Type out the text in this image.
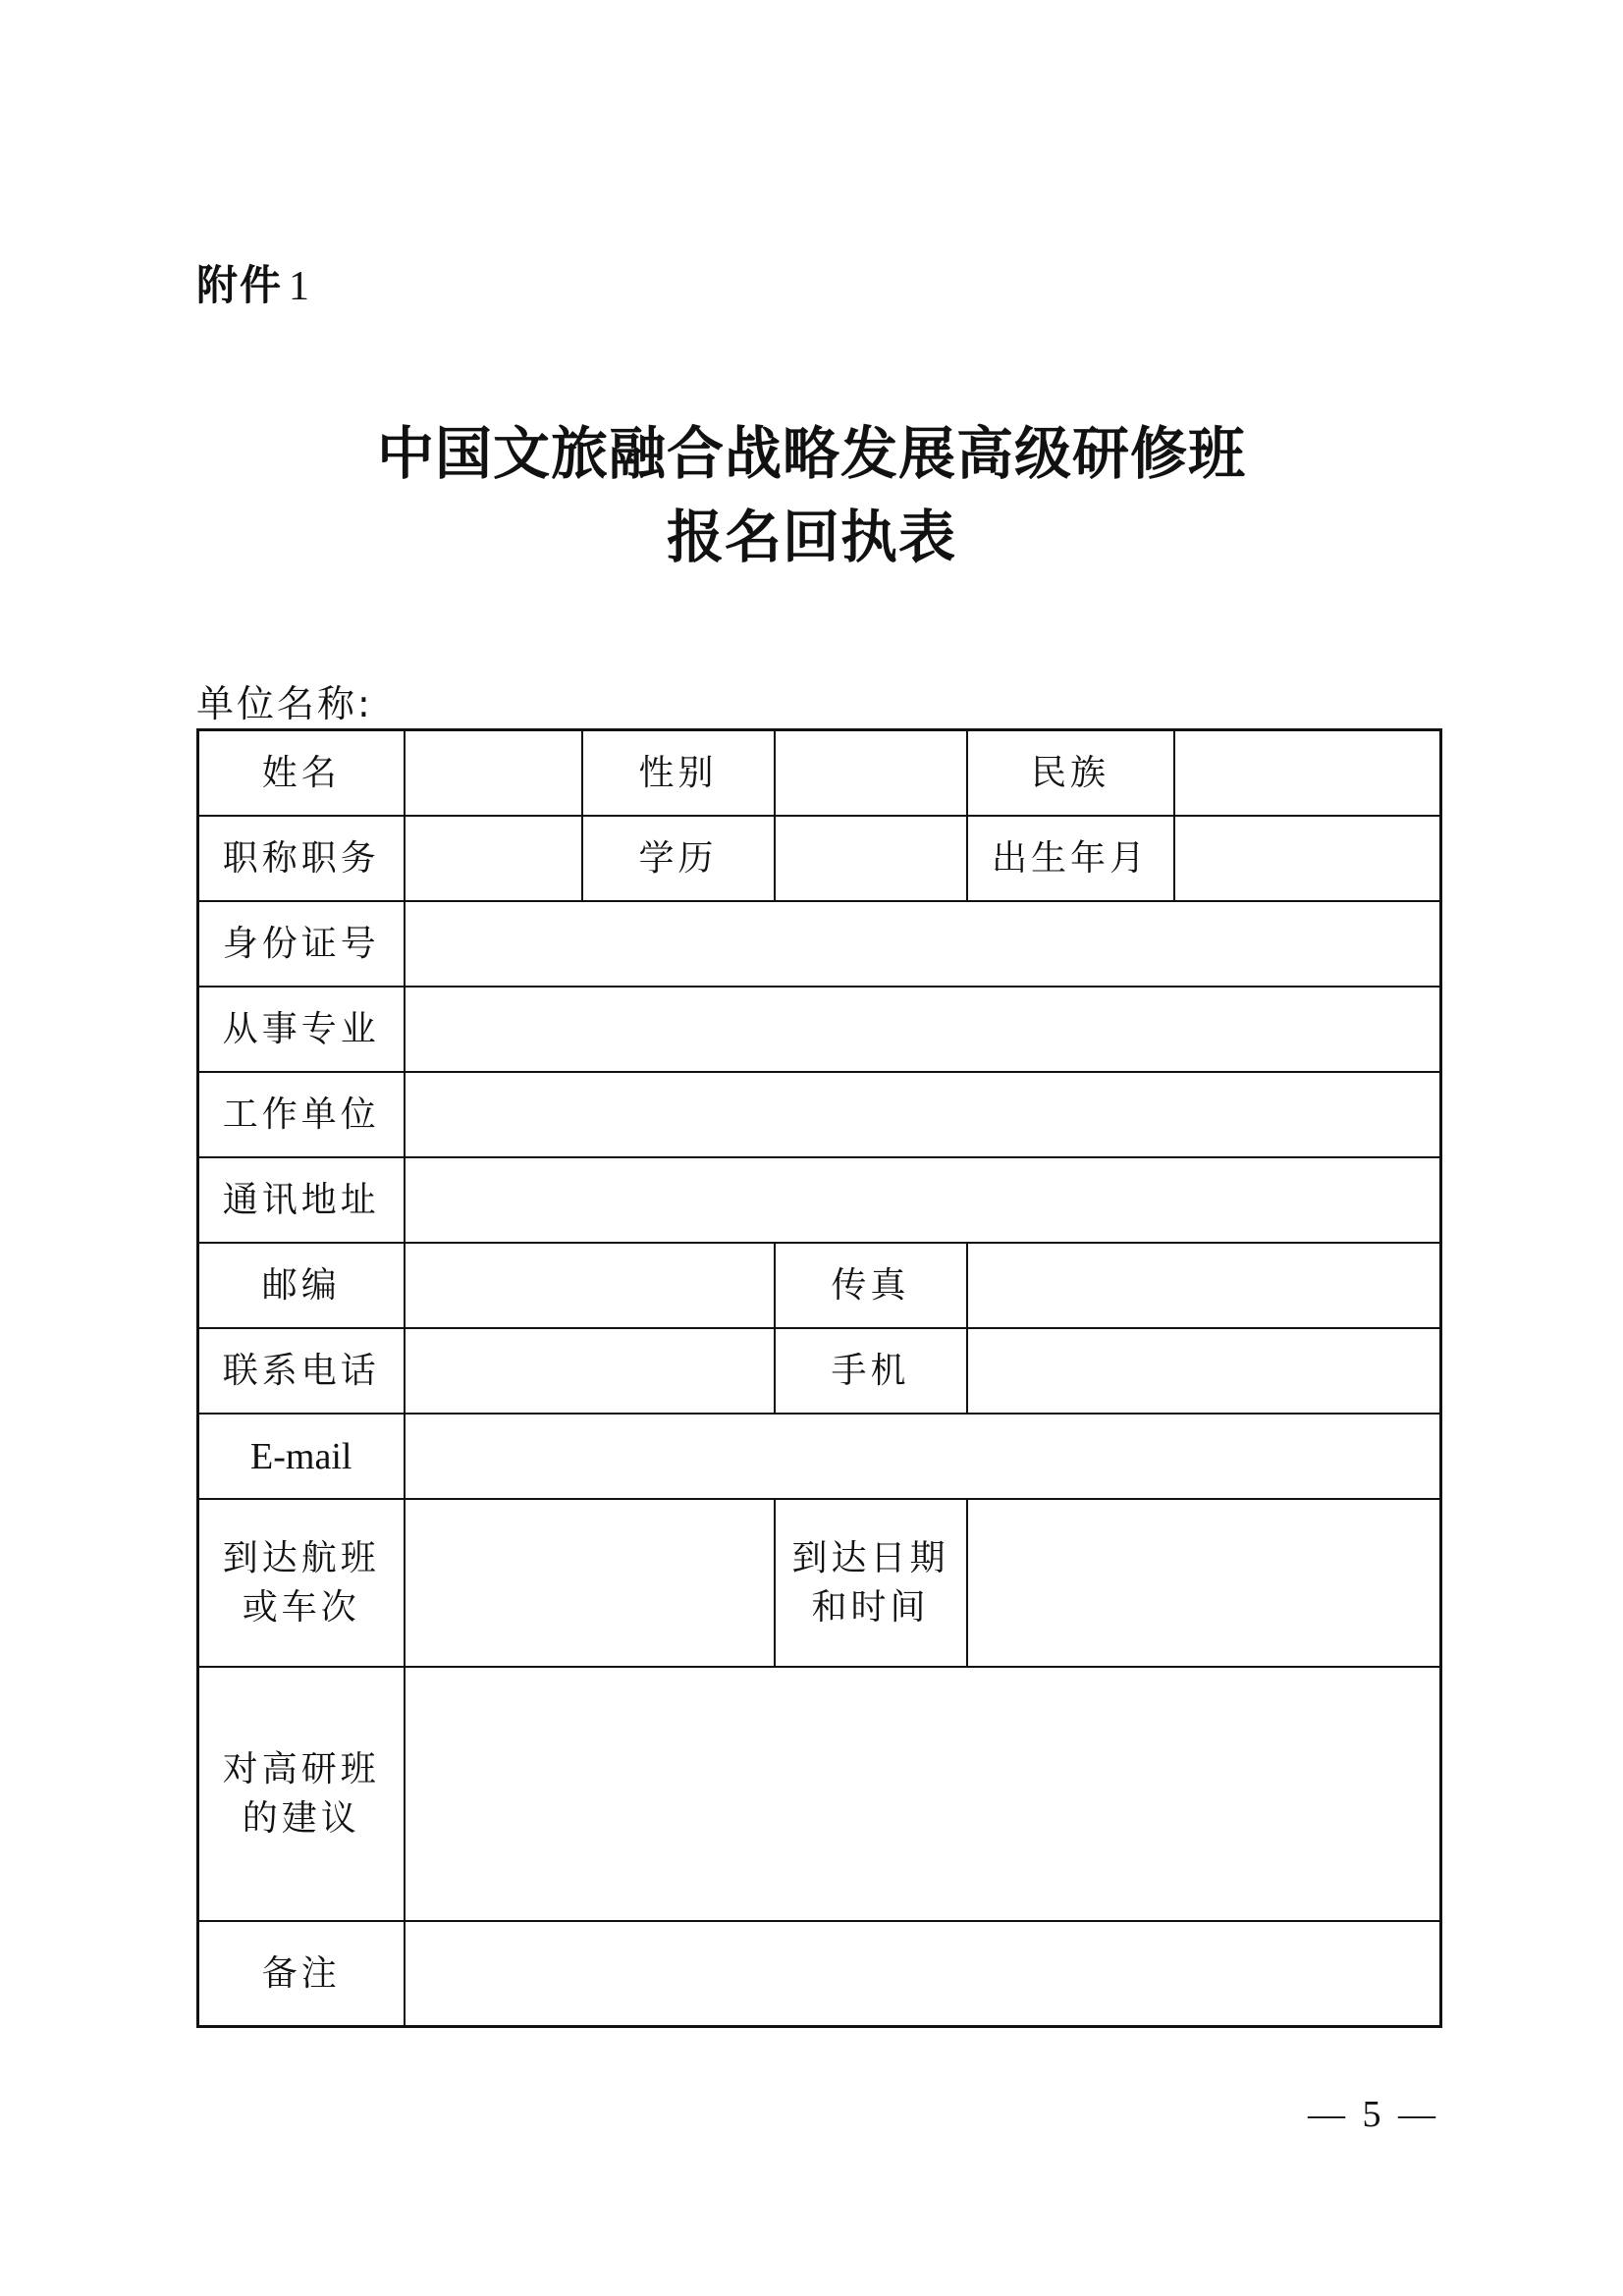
附件 1
中国文旅融合战略发展高级研修班
报名回执表
单位名称:
姓名		性别		民族	
职称职务		学历		出生年月	
身份证号					
从事专业					
工作单位					
通讯地址					
邮编			传真		
联系电话			手机		
E-mail					
到达航班
或车次			到达日期
和时间		
对高研班
的建议					
备注					
— 5 —
